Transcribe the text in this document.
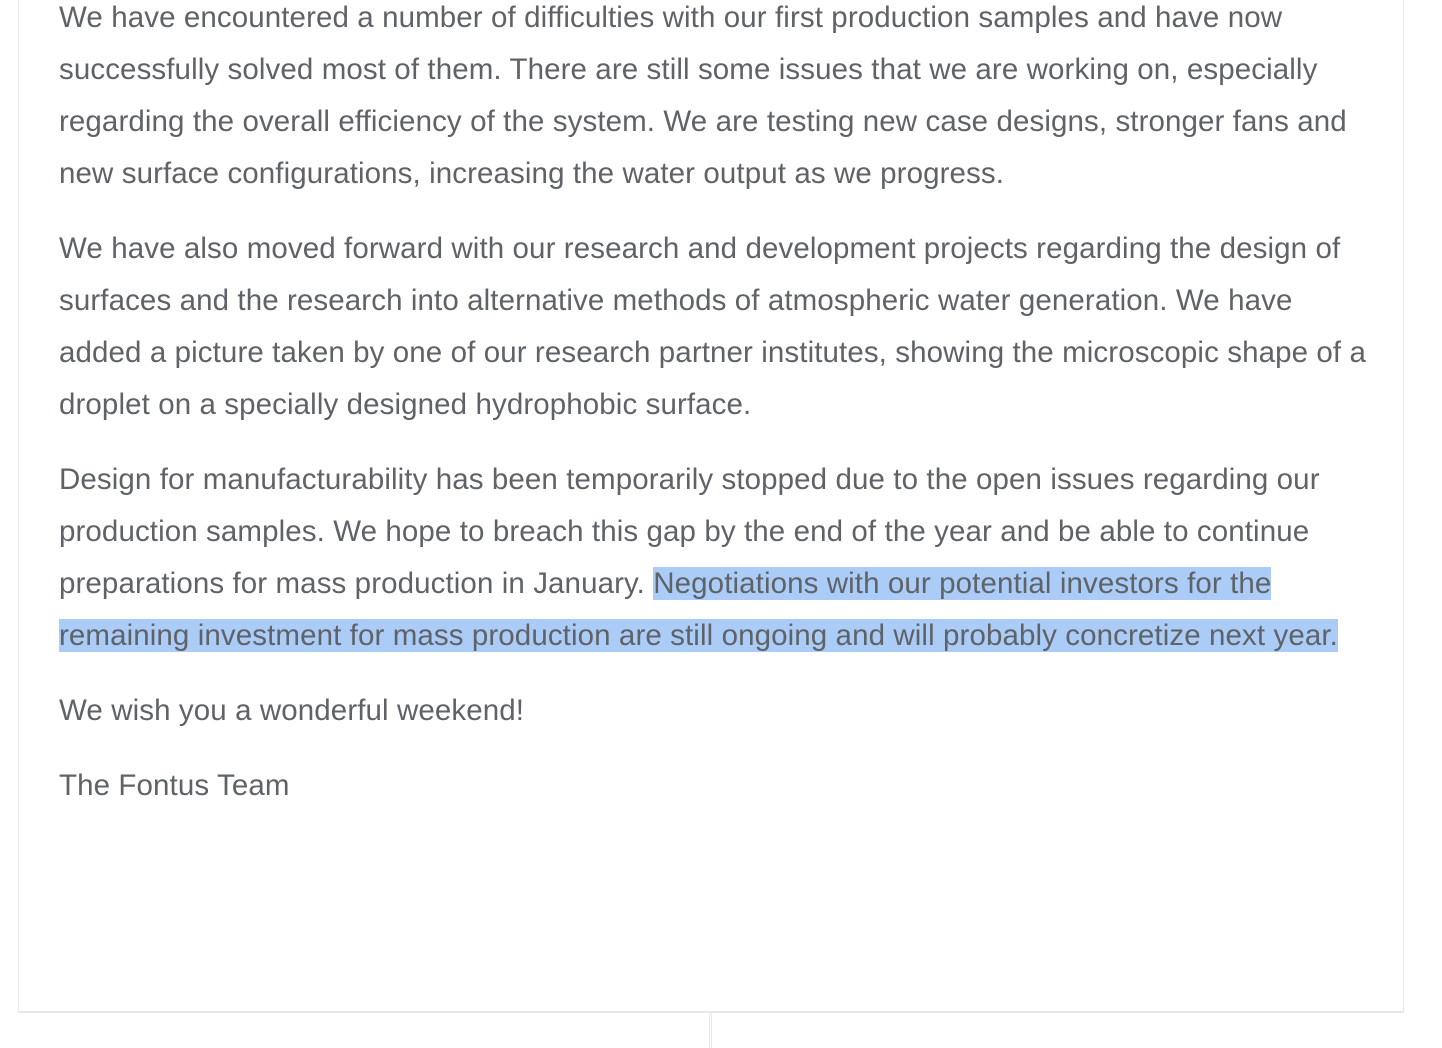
We have encountered a number of difficulties with our first production samples and have now successfully solved most of them. There are still some issues that we are working on, especially regarding the overall efficiency of the system. We are testing new case designs, stronger fans and new surface configurations, increasing the water output as we progress.

We have also moved forward with our research and development projects regarding the design of surfaces and the research into alternative methods of atmospheric water generation. We have added a picture taken by one of our research partner institutes, showing the microscopic shape of a droplet on a specially designed hydrophobic surface.

Design for manufacturability has been temporarily stopped due to the open issues regarding our production samples. We hope to breach this gap by the end of the year and be able to continue preparations for mass production in January. Negotiations with our potential investors for the remaining investment for mass production are still ongoing and will probably concretize next year.

We wish you a wonderful weekend!

The Fontus Team
